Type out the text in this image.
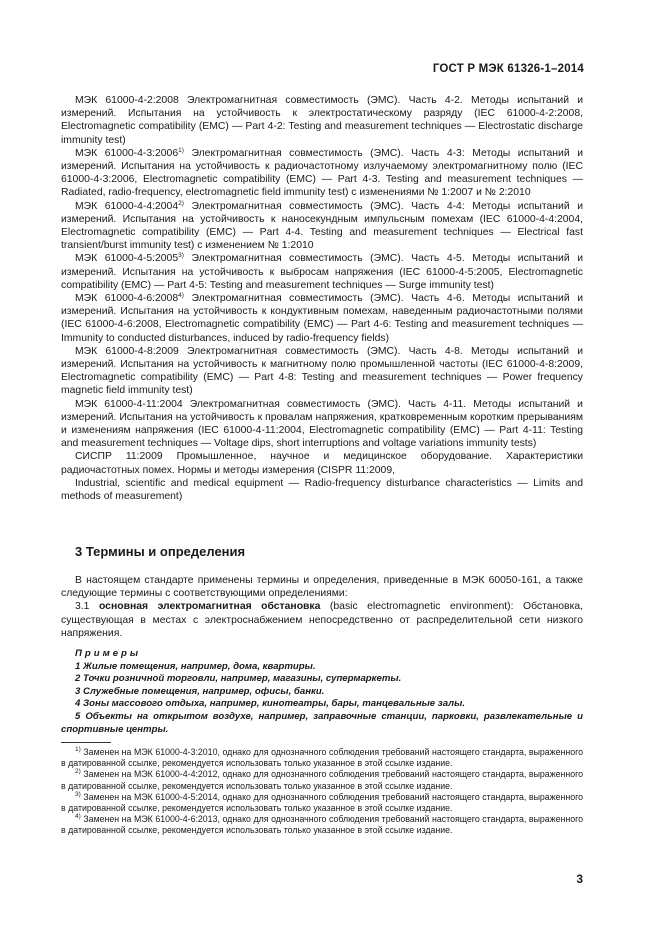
ГОСТ Р МЭК 61326-1–2014

МЭК 61000-4-2:2008 Электромагнитная совместимость (ЭМС). Часть 4-2. Методы испытаний и измерений. Испытания на устойчивость к электростатическому разряду (IEC 61000-4-2:2008, Electromagnetic compatibility (EMC) — Part 4-2: Testing and measurement techniques — Electrostatic discharge immunity test)

МЭК 61000-4-3:2006$^{1)}$ Электромагнитная совместимость (ЭМС). Часть 4-3: Методы испытаний и измерений. Испытания на устойчивость к радиочастотному излучаемому электромагнитному полю (IEC 61000-4-3:2006, Electromagnetic compatibility (EMC) — Part 4-3. Testing and measurement techniques — Radiated, radio-frequency, electromagnetic field immunity test) с изменениями № 1:2007 и № 2:2010

МЭК 61000-4-4:2004$^{2)}$ Электромагнитная совместимость (ЭМС). Часть 4-4: Методы испытаний и измерений. Испытания на устойчивость к наносекундным импульсным помехам (IEC 61000-4-4:2004, Electromagnetic compatibility (EMC) — Part 4-4. Testing and measurement techniques — Electrical fast transient/burst immunity test) с изменением № 1:2010

МЭК 61000-4-5:2005$^{3)}$ Электромагнитная совместимость (ЭМС). Часть 4-5. Методы испытаний и измерений. Испытания на устойчивость к выбросам напряжения (IEC 61000-4-5:2005, Electromagnetic compatibility (EMC) — Part 4-5: Testing and measurement techniques — Surge immunity test)

МЭК 61000-4-6:2008$^{4)}$ Электромагнитная совместимость (ЭМС). Часть 4-6. Методы испытаний и измерений. Испытания на устойчивость к кондуктивным помехам, наведенным радиочастотными полями (IEC 61000-4-6:2008, Electromagnetic compatibility (EMC) — Part 4-6: Testing and measurement techniques — Immunity to conducted disturbances, induced by radio-frequency fields)

МЭК 61000-4-8:2009 Электромагнитная совместимость (ЭМС). Часть 4-8. Методы испытаний и измерений. Испытания на устойчивость к магнитному полю промышленной частоты (IEC 61000-4-8:2009, Electromagnetic compatibility (EMC) — Part 4-8: Testing and measurement techniques — Power frequency magnetic field immunity test)

МЭК 61000-4-11:2004 Электромагнитная совместимость (ЭМС). Часть 4-11. Методы испытаний и измерений. Испытания на устойчивость к провалам напряжения, кратковременным коротким прерываниям и изменениям напряжения (IEC 61000-4-11:2004, Electromagnetic compatibility (EMC) — Part 4-11: Testing and measurement techniques — Voltage dips, short interruptions and voltage variations immunity tests)

СИСПР 11:2009 Промышленное, научное и медицинское оборудование. Характеристики радиочастотных помех. Нормы и методы измерения (CISPR 11:2009,

Industrial, scientific and medical equipment — Radio-frequency disturbance characteristics — Limits and methods of measurement)

3 Термины и определения

В настоящем стандарте применены термины и определения, приведенные в МЭК 60050-161, а также следующие термины с соответствующими определениями:

3.1 основная электромагнитная обстановка (basic electromagnetic environment): Обстановка, существующая в местах с электроснабжением непосредственно от распределительной сети низкого напряжения.

Примеры

1 Жилые помещения, например, дома, квартиры.

2 Точки розничной торговли, например, магазины, супермаркеты.

3 Служебные помещения, например, офисы, банки.

4 Зоны массового отдыха, например, кинотеатры, бары, танцевальные залы.

5 Объекты на открытом воздухе, например, заправочные станции, парковки, развлекательные и спортивные центры.

$^{1)}$ Заменен на МЭК 61000-4-3:2010, однако для однозначного соблюдения требований настоящего стандарта, выраженного в датированной ссылке, рекомендуется использовать только указанное в этой ссылке издание.

$^{2)}$ Заменен на МЭК 61000-4-4:2012, однако для однозначного соблюдения требований настоящего стандарта, выраженного в датированной ссылке, рекомендуется использовать только указанное в этой ссылке издание.

$^{3)}$ Заменен на МЭК 61000-4-5:2014, однако для однозначного соблюдения требований настоящего стандарта, выраженного в датированной ссылке, рекомендуется использовать только указанное в этой ссылке издание.

$^{4)}$ Заменен на МЭК 61000-4-6:2013, однако для однозначного соблюдения требований настоящего стандарта, выраженного в датированной ссылке, рекомендуется использовать только указанное в этой ссылке издание.

3
